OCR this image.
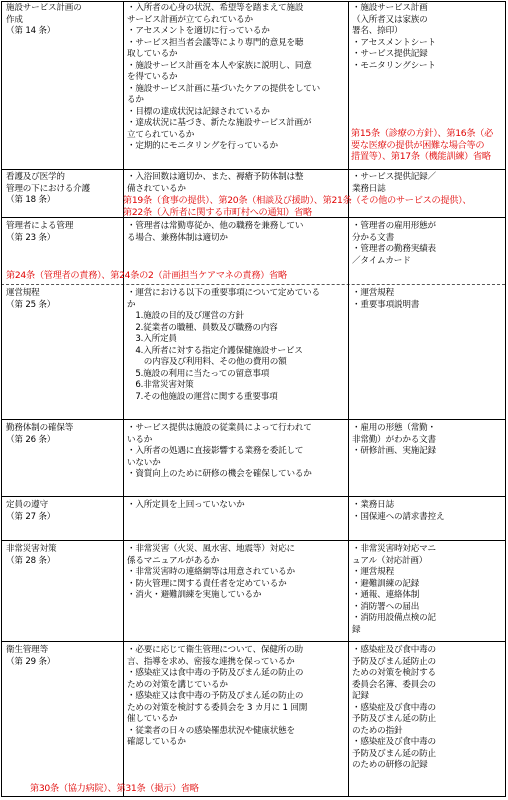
施設サービス計画の
作成
（第 14 条）
・入所者の心身の状況、希望等を踏まえて施設
サービス計画が立てられているか
・アセスメントを適切に行っているか
・サービス担当者会議等により専門的意見を聴
取しているか
・施設サービス計画を本人や家族に説明し、同意
を得ているか
・施設サービス計画に基づいたケアの提供をしてい
るか
・目標の達成状況は記録されているか
・達成状況に基づき、新たな施設サービス計画が
立てられているか
・定期的にモニタリングを行っているか
・施設サービス計画
（入所者又は家族の
署名、捺印）
・アセスメントシート
・サービス提供記録
・モニタリングシート
第15条（診療の方針）、第16条（必
要な医療の提供が困難な場合等の
措置等）、第17条（機能訓練）省略
看護及び医学的
管理の下における介護
（第 18 条）
・入浴回数は適切か、また、褥瘡予防体制は整
備されているか
・サービス提供記録／
業務日誌
第19条（食事の提供）、第20条（相談及び援助）、第21条（その他のサービスの提供）、
第22条（入所者に関する市町村への通知）省略
管理者による管理
（第 23 条）
・管理者は常勤専従か、他の職務を兼務してい
る場合、兼務体制は適切か
・管理者の雇用形態が
分かる文書
・管理者の勤務実績表
／タイムカード
第24条（管理者の責務）、第24条の2（計画担当ケアマネの責務）省略
運営規程
（第 25 条）
・運営における以下の重要事項について定めている
か
　1.施設の目的及び運営の方針
　2.従業者の職種、員数及び職務の内容
　3.入所定員
　4.入所者に対する指定介護保健施設サービス
　　の内容及び利用料、その他の費用の額
　5.施設の利用に当たっての留意事項
　6.非常災害対策
　7.その他施設の運営に関する重要事項
・運営規程
・重要事項説明書
勤務体制の確保等
（第 26 条）
・サービス提供は施設の従業員によって行われて
いるか
・入所者の処遇に直接影響する業務を委託して
いないか
・資質向上のために研修の機会を確保しているか
・雇用の形態（常勤・
非常勤）がわかる文書
・研修計画、実施記録
定員の遵守
（第 27 条）
・入所定員を上回っていないか	・業務日誌
・国保連への請求書控え
非常災害対策
（第 28 条）
・非常災害（火災、風水害、地震等）対応に
係るマニュアルがあるか
・非常災害時の連絡網等は用意されているか
・防火管理に関する責任者を定めているか
・消火・避難訓練を実施しているか
・非常災害時対応マニ
ュアル（対応計画）
・運営規程
・避難訓練の記録
・通報、連絡体制
・消防署への届出
・消防用設備点検の記
録
衛生管理等
（第 29 条）
・必要に応じて衛生管理について、保健所の助
言、指導を求め、密接な連携を保っているか
・感染症又は食中毒の予防及びまん延の防止の
ための対策を講じているか
・感染症又は食中毒の予防及びまん延の防止の
ための対策を検討する委員会を 3 カ月に 1 回開
催しているか
・従業者の日々の感染罹患状況や健康状態を
確認しているか
・感染症及び食中毒の
予防及びまん延防止の
ための対策を検討する
委員会名簿、委員会の
記録
・感染症及び食中毒の
予防及びまん延の防止
のための指針
・感染症及び食中毒の
予防及びまん延の防止
のための研修の記録
第30条（協力病院）、第31条（掲示）省略
